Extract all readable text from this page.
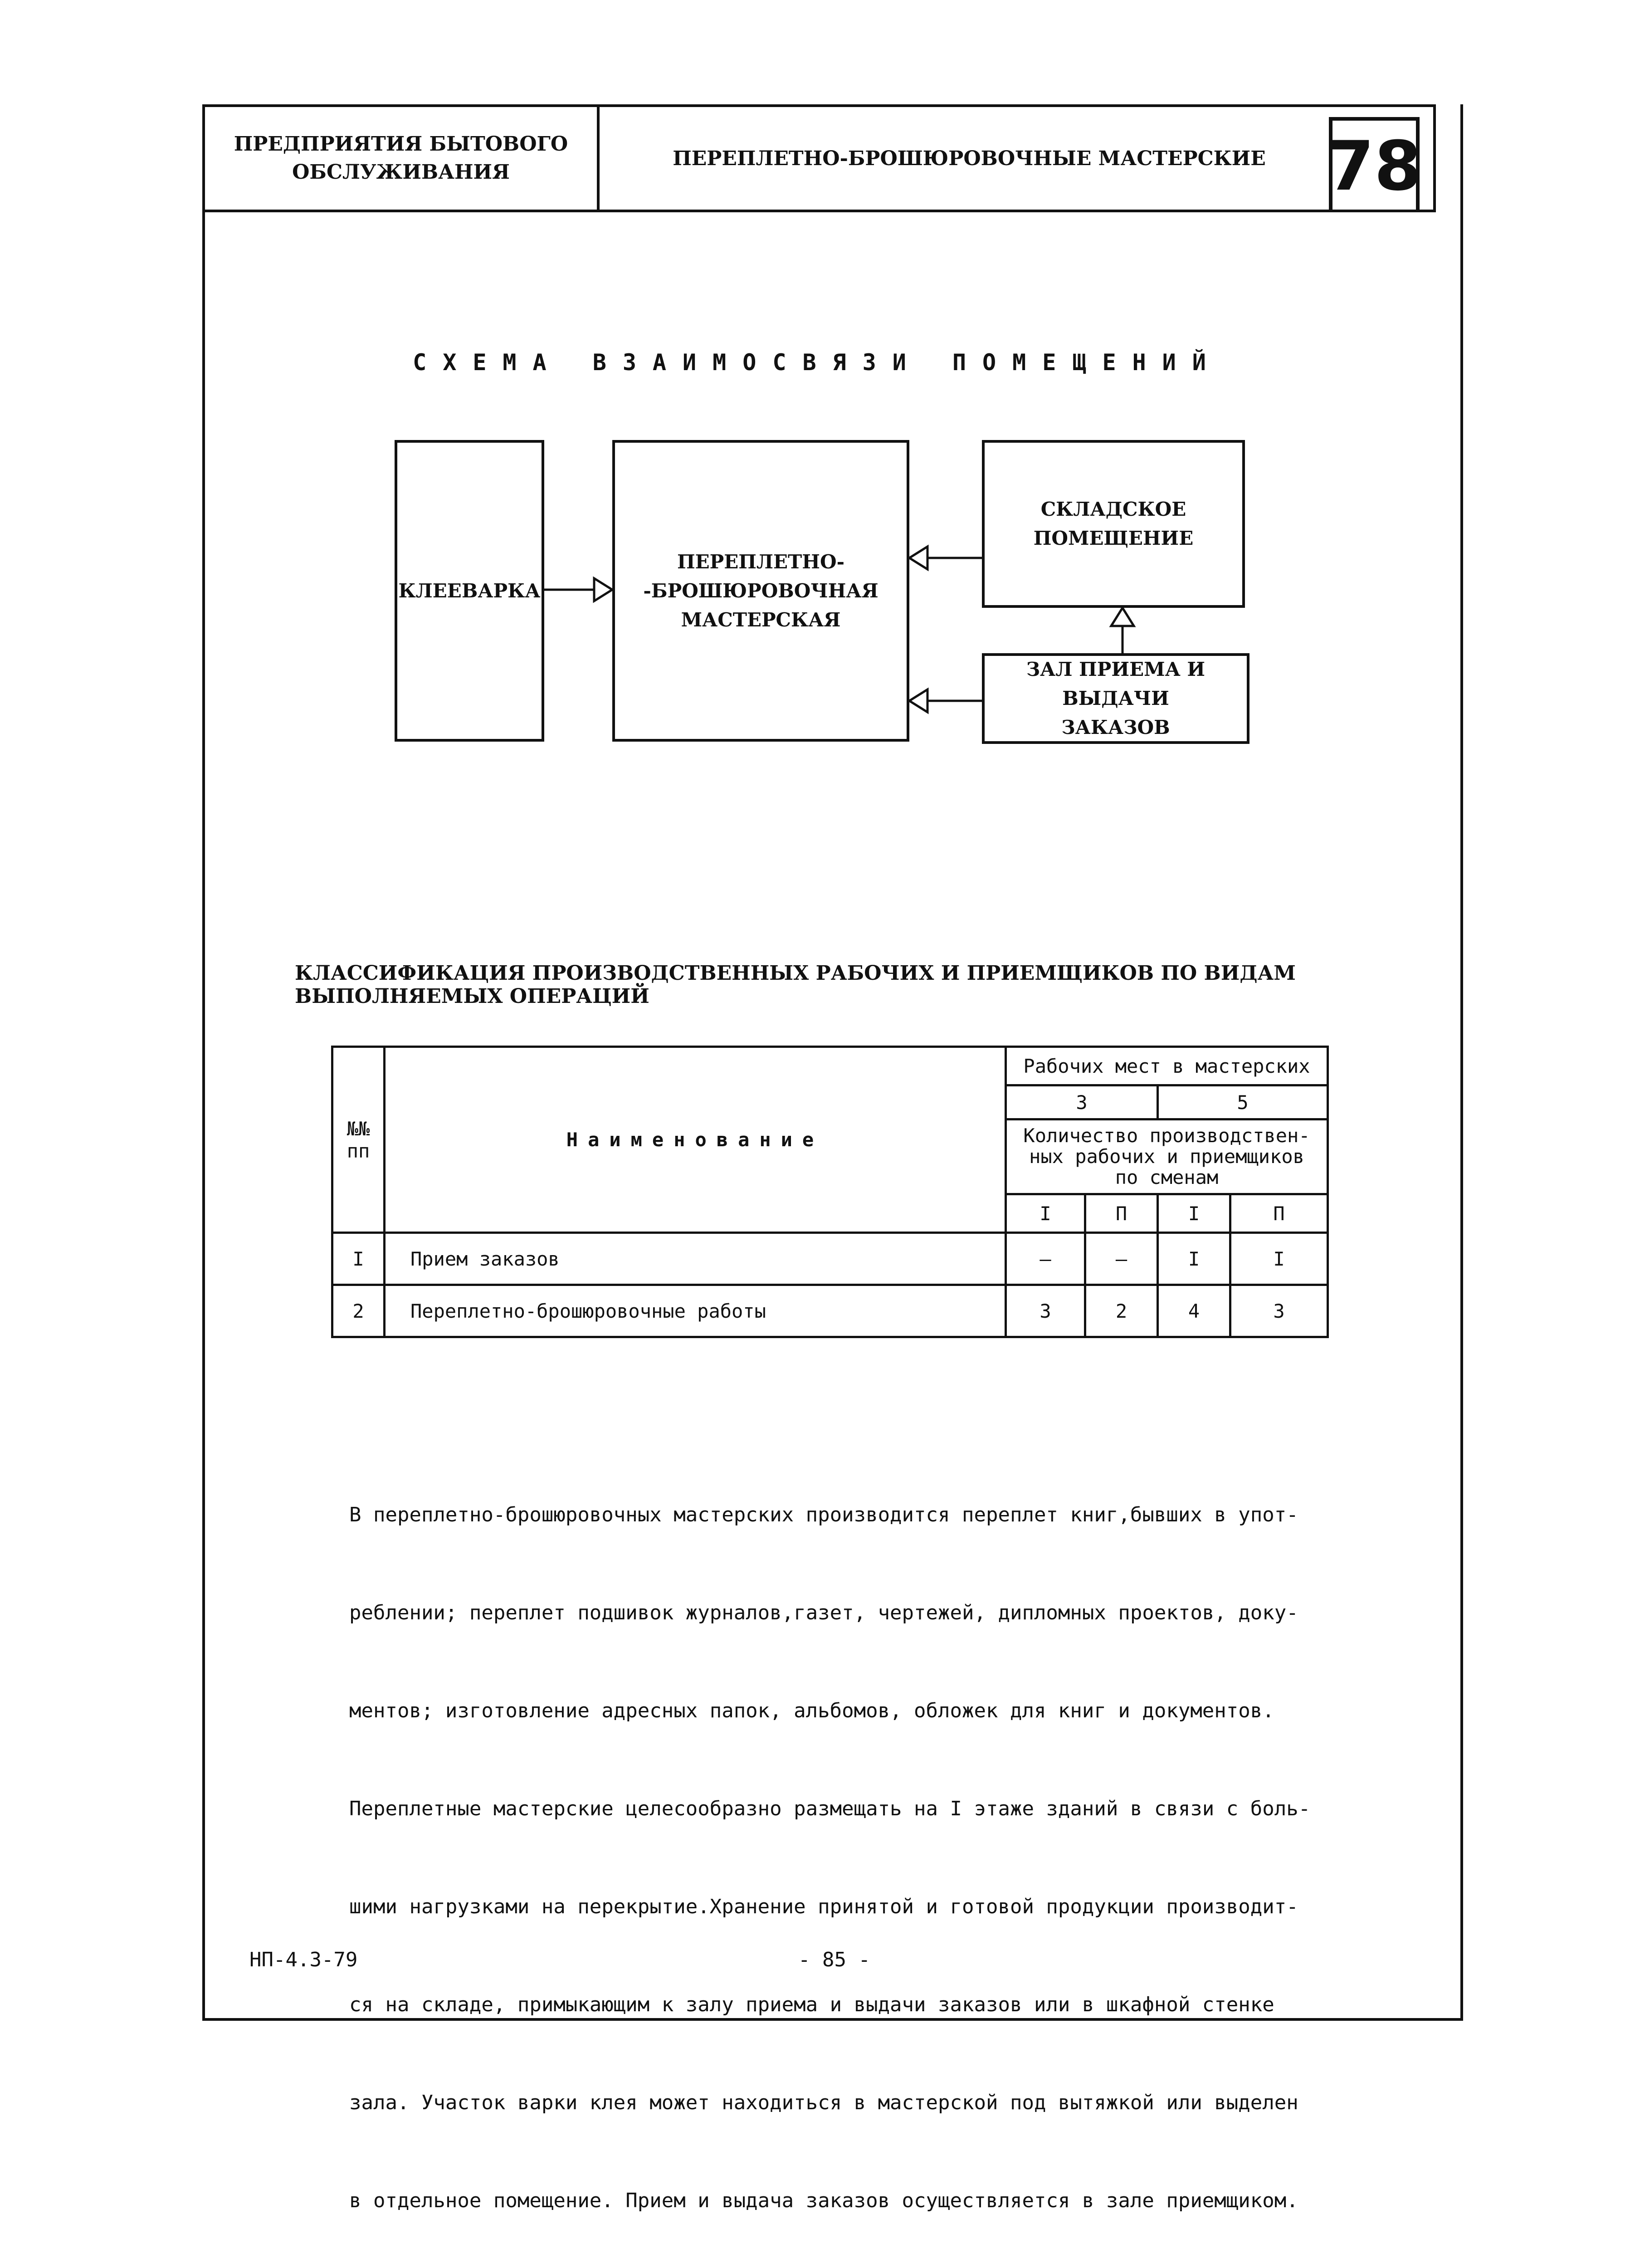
ПРЕДПРИЯТИЯ БЫТОВОГО
ОБСЛУЖИВАНИЯ
ПЕРЕПЛЕТНО-БРОШЮРОВОЧНЫЕ МАСТЕРСКИЕ 78
СХЕМА ВЗАИМОСВЯЗИ ПОМЕЩЕНИЙ
КЛЕЕВАРКА
ПЕРЕПЛЕТНО-
-БРОШЮРОВОЧНАЯ
МАСТЕРСКАЯ
СКЛАДСКОЕ
ПОМЕЩЕНИЕ
ЗАЛ ПРИЕМА И ВЫДАЧИ
ЗАКАЗОВ
КЛАССИФИКАЦИЯ ПРОИЗВОДСТВЕННЫХ РАБОЧИХ И ПРИЕМЩИКОВ ПО ВИДАМ ВЫПОЛНЯЕМЫХ ОПЕРАЦИЙ
№№
пп	Наименование	Рабочих мест в мастерских			
		3		5	

		Количество производствен-
ных рабочих и приемщиков
по сменам			

		I	П	I	П
I	Прием заказов	–	–	I	I
2	Переплетно-брошюровочные работы	3	2	4	3

В переплетно-брошюровочных мастерских производится переплет книг,бывших в упот-

реблении; переплет подшивок журналов,газет, чертежей, дипломных проектов, доку-

ментов; изготовление адресных папок, альбомов, обложек для книг и документов.

Переплетные мастерские целесообразно размещать на I этаже зданий в связи с боль-

шими нагрузками на перекрытие.Хранение принятой и готовой продукции производит-

ся на складе, примыкающим к залу приема и выдачи заказов или в шкафной стенке

зала. Участок варки клея может находиться в мастерской под вытяжкой или выделен

в отдельное помещение. Прием и выдача заказов осуществляется в зале приемщиком.

НП-4.3-79	- 85 -
